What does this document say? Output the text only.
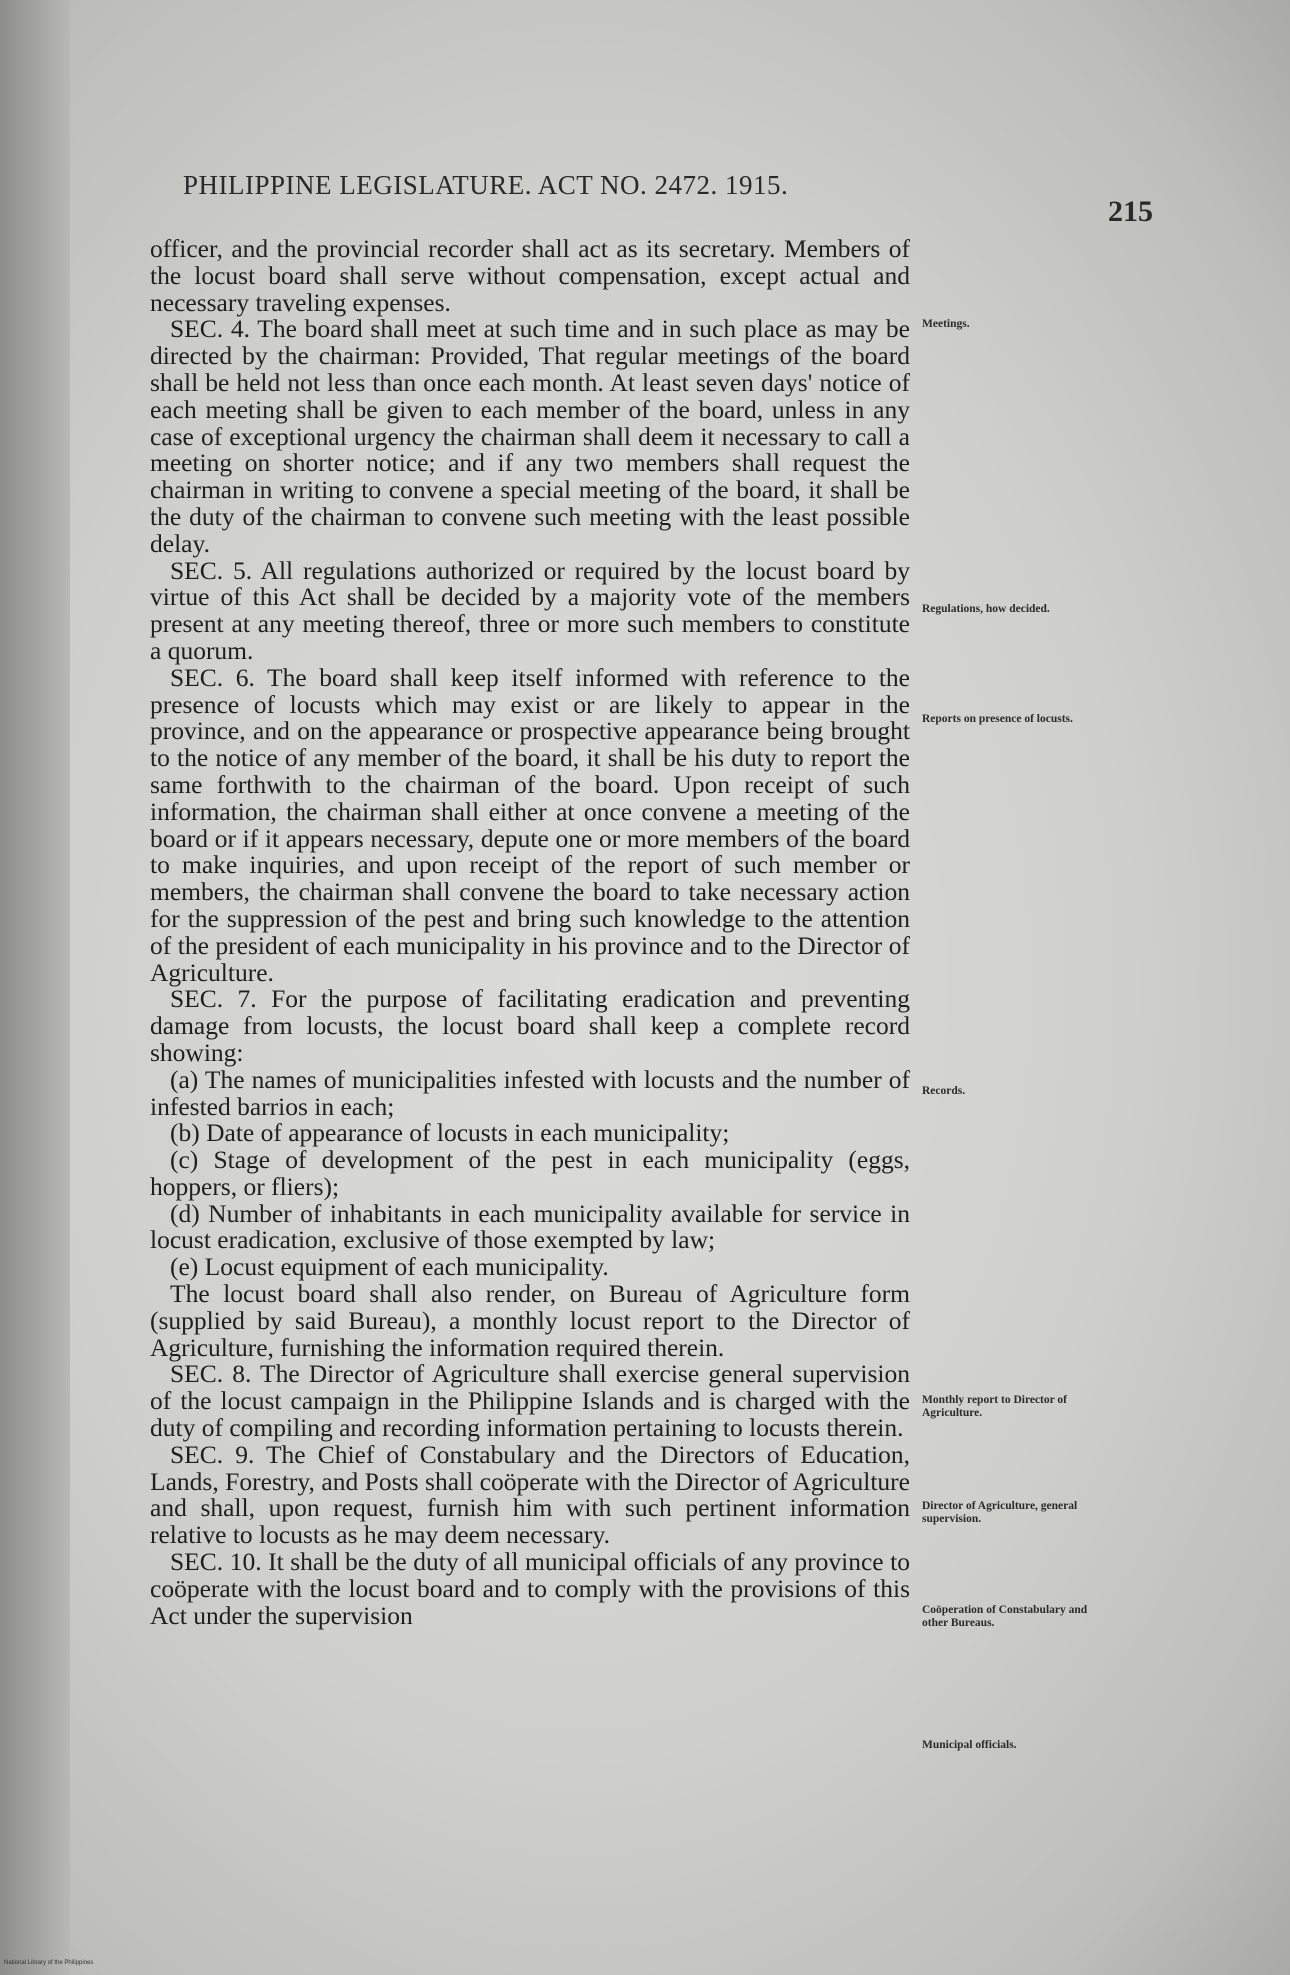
PHILIPPINE LEGISLATURE. ACT NO. 2472. 1915.
215

officer, and the provincial recorder shall act as its secretary. Members of the locust board shall serve without compensation, except actual and necessary traveling expenses.

SEC. 4. The board shall meet at such time and in such place as may be directed by the chairman: Provided, That regular meetings of the board shall be held not less than once each month. At least seven days' notice of each meeting shall be given to each member of the board, unless in any case of exceptional urgency the chairman shall deem it necessary to call a meeting on shorter notice; and if any two members shall request the chairman in writing to convene a special meeting of the board, it shall be the duty of the chairman to convene such meeting with the least possible delay.

SEC. 5. All regulations authorized or required by the locust board by virtue of this Act shall be decided by a majority vote of the members present at any meeting thereof, three or more such members to constitute a quorum.

SEC. 6. The board shall keep itself informed with reference to the presence of locusts which may exist or are likely to appear in the province, and on the appearance or prospective appearance being brought to the notice of any member of the board, it shall be his duty to report the same forthwith to the chairman of the board. Upon receipt of such information, the chairman shall either at once convene a meeting of the board or if it appears necessary, depute one or more members of the board to make inquiries, and upon receipt of the report of such member or members, the chairman shall convene the board to take necessary action for the suppression of the pest and bring such knowledge to the attention of the president of each municipality in his province and to the Director of Agriculture.

SEC. 7. For the purpose of facilitating eradication and preventing damage from locusts, the locust board shall keep a complete record showing:

(a) The names of municipalities infested with locusts and the number of infested barrios in each;

(b) Date of appearance of locusts in each municipality;

(c) Stage of development of the pest in each municipality (eggs, hoppers, or fliers);

(d) Number of inhabitants in each municipality available for service in locust eradication, exclusive of those exempted by law;

(e) Locust equipment of each municipality.

The locust board shall also render, on Bureau of Agriculture form (supplied by said Bureau), a monthly locust report to the Director of Agriculture, furnishing the information required therein.

SEC. 8. The Director of Agriculture shall exercise general supervision of the locust campaign in the Philippine Islands and is charged with the duty of compiling and recording information pertaining to locusts therein.

SEC. 9. The Chief of Constabulary and the Directors of Education, Lands, Forestry, and Posts shall coöperate with the Director of Agriculture and shall, upon request, furnish him with such pertinent information relative to locusts as he may deem necessary.

SEC. 10. It shall be the duty of all municipal officials of any province to coöperate with the locust board and to comply with the provisions of this Act under the supervision

Meetings.
Regulations, how decided.
Reports on presence of locusts.
Records.
Monthly report to Director of Agriculture.
Director of Agriculture, general supervision.
Coöperation of Constabulary and other Bureaus.
Municipal officials.
National Library of the Philippines
